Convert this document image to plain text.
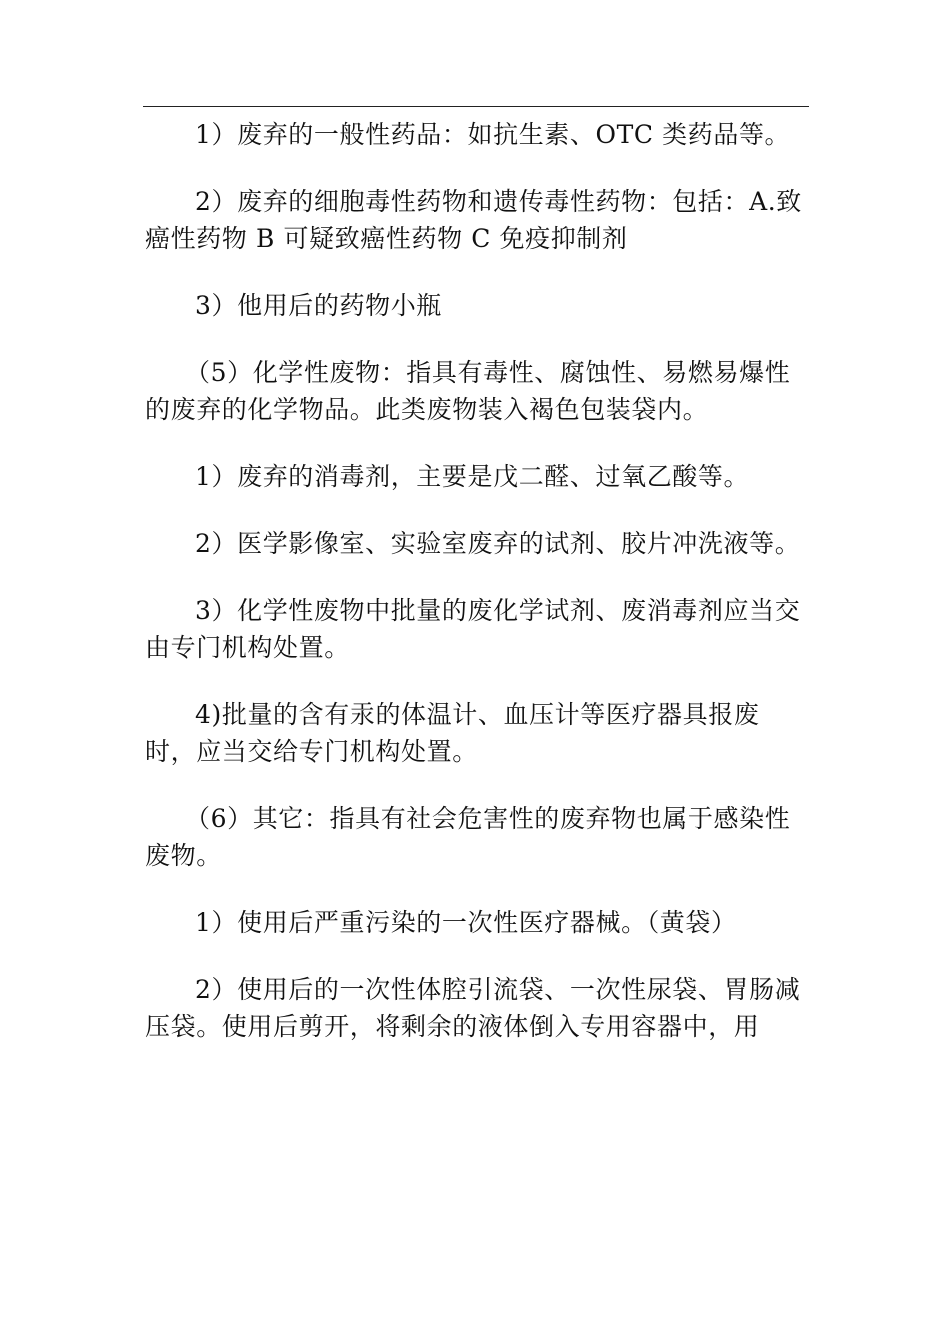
1）废弃的一般性药品：如抗生素、OTC 类药品等。

2）废弃的细胞毒性药物和遗传毒性药物：包括：A.致癌性药物 B 可疑致癌性药物 C 免疫抑制剂

3）他用后的药物小瓶

（5）化学性废物：指具有毒性、腐蚀性、易燃易爆性的废弃的化学物品。此类废物装入褐色包装袋内。

1）废弃的消毒剂，主要是戊二醛、过氧乙酸等。

2）医学影像室、实验室废弃的试剂、胶片冲洗液等。

3）化学性废物中批量的废化学试剂、废消毒剂应当交由专门机构处置。

4)批量的含有汞的体温计、血压计等医疗器具报废时，应当交给专门机构处置。

（6）其它：指具有社会危害性的废弃物也属于感染性废物。

1）使用后严重污染的一次性医疗器械。（黄袋）

2）使用后的一次性体腔引流袋、一次性尿袋、胃肠减压袋。使用后剪开，将剩余的液体倒入专用容器中，用
